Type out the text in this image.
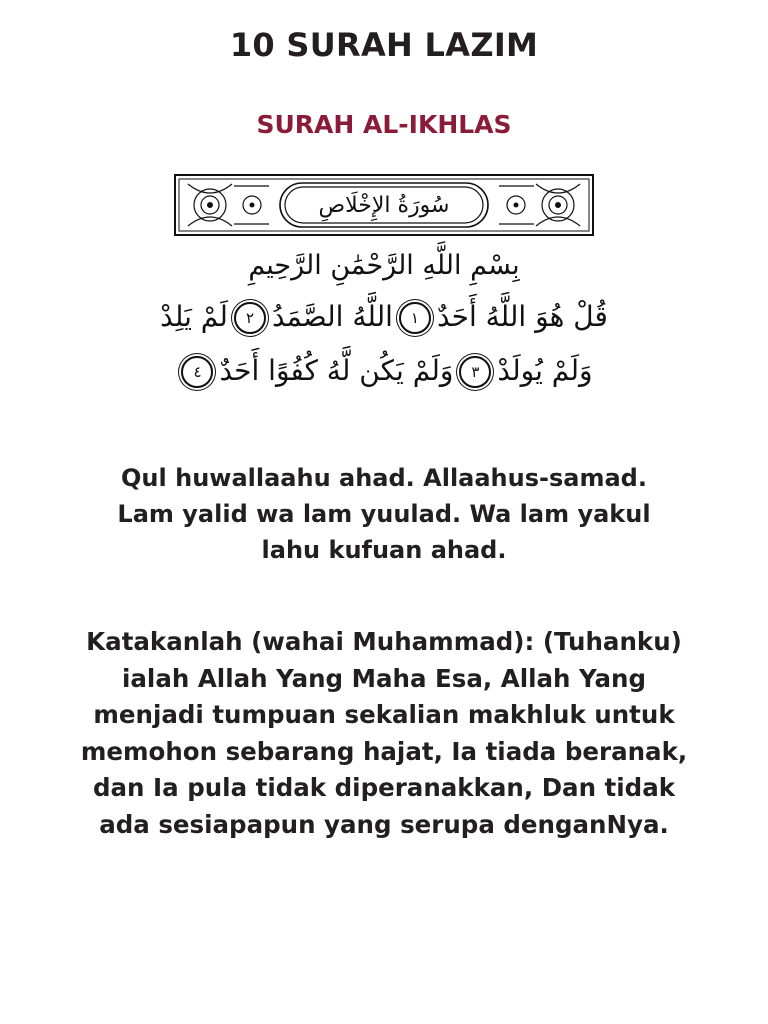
10 SURAH LAZIM
SURAH AL-IKHLAS
سُورَةُ الإِخْلَاصِ
بِسْمِ اللَّهِ الرَّحْمَٰنِ الرَّحِيمِ
قُلْ هُوَ اللَّهُ أَحَدٌ١اللَّهُ الصَّمَدُ٢لَمْ يَلِدْ
وَلَمْ يُولَدْ٣وَلَمْ يَكُن لَّهُ كُفُوًا أَحَدٌ٤
Qul huwallaahu ahad. Allaahus-samad.
Lam yalid wa lam yuulad. Wa lam yakul
lahu kufuan ahad.
Katakanlah (wahai Muhammad): (Tuhanku)
ialah Allah Yang Maha Esa, Allah Yang
menjadi tumpuan sekalian makhluk untuk
memohon sebarang hajat, Ia tiada beranak,
dan Ia pula tidak diperanakkan, Dan tidak
ada sesiapapun yang serupa denganNya.
